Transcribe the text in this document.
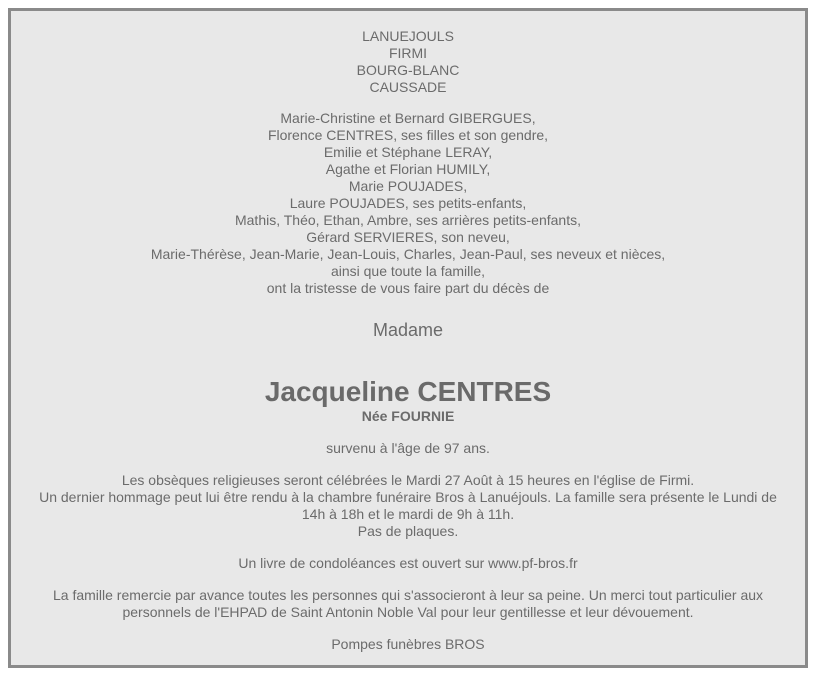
LANUEJOULS
FIRMI
BOURG-BLANC
CAUSSADE
Marie-Christine et Bernard GIBERGUES,
Florence CENTRES, ses filles et son gendre,
Emilie et Stéphane LERAY,
Agathe et Florian HUMILY,
Marie POUJADES,
Laure POUJADES, ses petits-enfants,
Mathis, Théo, Ethan, Ambre, ses arrières petits-enfants,
Gérard SERVIERES, son neveu,
Marie-Thérèse, Jean-Marie, Jean-Louis, Charles, Jean-Paul, ses neveux et nièces,
ainsi que toute la famille,
ont la tristesse de vous faire part du décès de
Madame
Jacqueline CENTRES
Née FOURNIE
survenu à l'âge de 97 ans.
Les obsèques religieuses seront célébrées le Mardi 27 Août à 15 heures en l'église de Firmi.
Un dernier hommage peut lui être rendu à la chambre funéraire Bros à Lanuéjouls. La famille sera présente le Lundi de 14h à 18h et le mardi de 9h à 11h.
Pas de plaques.
Un livre de condoléances est ouvert sur www.pf-bros.fr
La famille remercie par avance toutes les personnes qui s'associeront à leur sa peine. Un merci tout particulier aux personnels de l'EHPAD de Saint Antonin Noble Val pour leur gentillesse et leur dévouement.
Pompes funèbres BROS
